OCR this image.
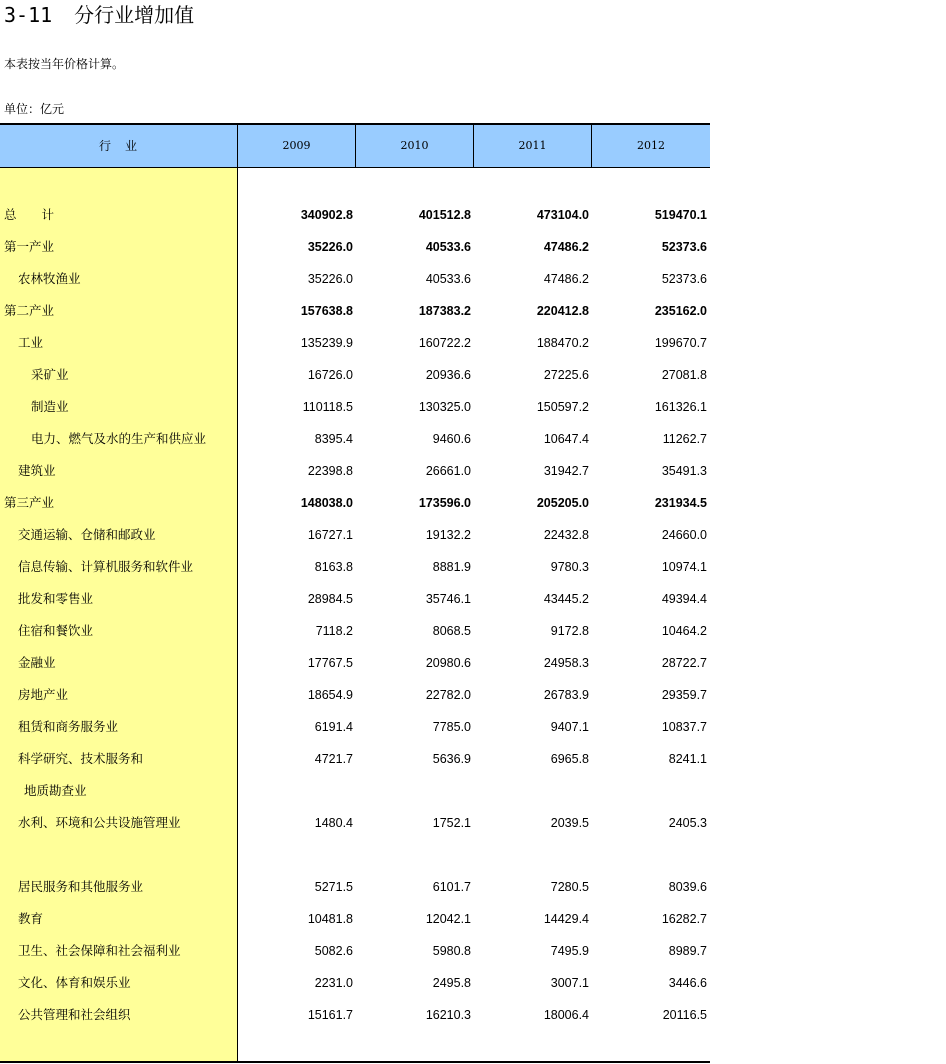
3-11 分行业增加值
本表按当年价格计算。
单位：亿元
行　业	2009	2010	2011	2012
总　　计	340902.8	401512.8	473104.0	519470.1
第一产业	35226.0	40533.6	47486.2	52373.6
农林牧渔业	35226.0	40533.6	47486.2	52373.6
第二产业	157638.8	187383.2	220412.8	235162.0
工业	135239.9	160722.2	188470.2	199670.7
采矿业	16726.0	20936.6	27225.6	27081.8
制造业	110118.5	130325.0	150597.2	161326.1
电力、燃气及水的生产和供应业	8395.4	9460.6	10647.4	11262.7
建筑业	22398.8	26661.0	31942.7	35491.3
第三产业	148038.0	173596.0	205205.0	231934.5
交通运输、仓储和邮政业	16727.1	19132.2	22432.8	24660.0
信息传输、计算机服务和软件业	8163.8	8881.9	9780.3	10974.1
批发和零售业	28984.5	35746.1	43445.2	49394.4
住宿和餐饮业	7118.2	8068.5	9172.8	10464.2
金融业	17767.5	20980.6	24958.3	28722.7
房地产业	18654.9	22782.0	26783.9	29359.7
租赁和商务服务业	6191.4	7785.0	9407.1	10837.7
科学研究、技术服务和	4721.7	5636.9	6965.8	8241.1
地质勘查业
水利、环境和公共设施管理业	1480.4	1752.1	2039.5	2405.3
居民服务和其他服务业	5271.5	6101.7	7280.5	8039.6
教育	10481.8	12042.1	14429.4	16282.7
卫生、社会保障和社会福利业	5082.6	5980.8	7495.9	8989.7
文化、体育和娱乐业	2231.0	2495.8	3007.1	3446.6
公共管理和社会组织	15161.7	16210.3	18006.4	20116.5
